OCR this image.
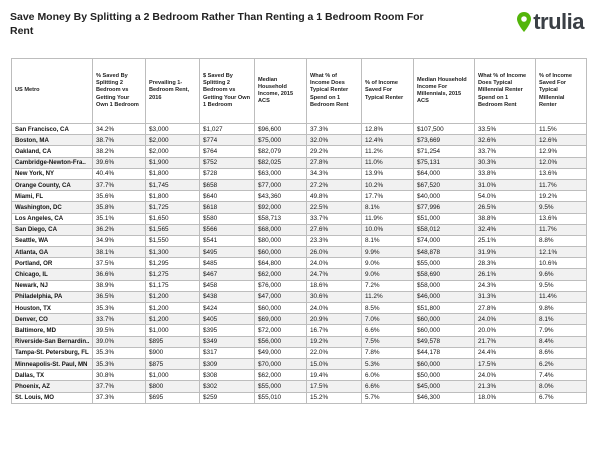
Save Money By Splitting a 2 Bedroom Rather Than Renting a 1 Bedroom Room For Rent	trulia
US Metro	% Saved By Splitting 2 Bedroom vs Getting Your Own 1 Bedroom	Prevailing 1-Bedroom Rent, 2016	$ Saved By Splitting 2 Bedroom vs Getting Your Own 1 Bedroom	Median Household Income, 2015 ACS	What % of Income Does Typical Renter Spend on 1 Bedroom Rent	% of Income Saved For Typical Renter	Median Household Income For Millennials, 2015 ACS	What % of Income Does Typical Millennial Renter Spend on 1 Bedroom Rent	% of Income Saved For Typical Millennial Renter
San Francisco, CA	34.2%	$3,000	$1,027	$96,600	37.3%	12.8%	$107,500	33.5%	11.5%
Boston, MA	38.7%	$2,000	$774	$75,000	32.0%	12.4%	$73,669	32.6%	12.6%
Oakland, CA	38.2%	$2,000	$764	$82,079	29.2%	11.2%	$71,254	33.7%	12.9%
Cambridge-Newton-Fra..	39.6%	$1,900	$752	$82,025	27.8%	11.0%	$75,131	30.3%	12.0%
New York, NY	40.4%	$1,800	$728	$63,000	34.3%	13.9%	$64,000	33.8%	13.6%
Orange County, CA	37.7%	$1,745	$658	$77,000	27.2%	10.2%	$67,520	31.0%	11.7%
Miami, FL	35.6%	$1,800	$640	$43,360	49.8%	17.7%	$40,000	54.0%	19.2%
Washington, DC	35.8%	$1,725	$618	$92,000	22.5%	8.1%	$77,996	26.5%	9.5%
Los Angeles, CA	35.1%	$1,650	$580	$58,713	33.7%	11.9%	$51,000	38.8%	13.6%
San Diego, CA	36.2%	$1,565	$566	$68,000	27.6%	10.0%	$58,012	32.4%	11.7%
Seattle, WA	34.9%	$1,550	$541	$80,000	23.3%	8.1%	$74,000	25.1%	8.8%
Atlanta, GA	38.1%	$1,300	$495	$60,000	26.0%	9.9%	$48,878	31.9%	12.1%
Portland, OR	37.5%	$1,295	$485	$64,800	24.0%	9.0%	$55,000	28.3%	10.6%
Chicago, IL	36.6%	$1,275	$467	$62,000	24.7%	9.0%	$58,690	26.1%	9.6%
Newark, NJ	38.9%	$1,175	$458	$76,000	18.6%	7.2%	$58,000	24.3%	9.5%
Philadelphia, PA	36.5%	$1,200	$438	$47,000	30.6%	11.2%	$46,000	31.3%	11.4%
Houston, TX	35.3%	$1,200	$424	$60,000	24.0%	8.5%	$51,800	27.8%	9.8%
Denver, CO	33.7%	$1,200	$405	$69,000	20.9%	7.0%	$60,000	24.0%	8.1%
Baltimore, MD	39.5%	$1,000	$395	$72,000	16.7%	6.6%	$60,000	20.0%	7.9%
Riverside-San Bernardin..	39.0%	$895	$349	$56,000	19.2%	7.5%	$49,578	21.7%	8.4%
Tampa-St. Petersburg, FL	35.3%	$900	$317	$49,000	22.0%	7.8%	$44,178	24.4%	8.6%
Minneapolis-St. Paul, MN	35.3%	$875	$309	$70,000	15.0%	5.3%	$60,000	17.5%	6.2%
Dallas, TX	30.8%	$1,000	$308	$62,000	19.4%	6.0%	$50,000	24.0%	7.4%
Phoenix, AZ	37.7%	$800	$302	$55,000	17.5%	6.6%	$45,000	21.3%	8.0%
St. Louis, MO	37.3%	$695	$259	$55,010	15.2%	5.7%	$46,300	18.0%	6.7%
